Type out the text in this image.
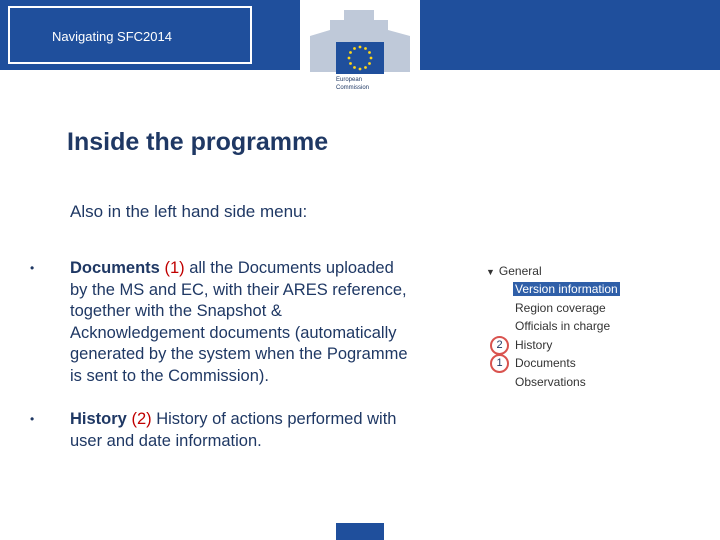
Navigating SFC2014
European
Commission
Inside the programme
Also in the left hand side menu:
• Documents (1) all the Documents uploaded by the MS and EC, with their ARES reference, together with the Snapshot & Acknowledgement documents (automatically generated by the system when the Pogramme is sent to the Commission).
• History (2) History of actions performed with user and date information.
▼ General
Version information
Region coverage
Officials in charge
2	History
1	Documents
Observations
